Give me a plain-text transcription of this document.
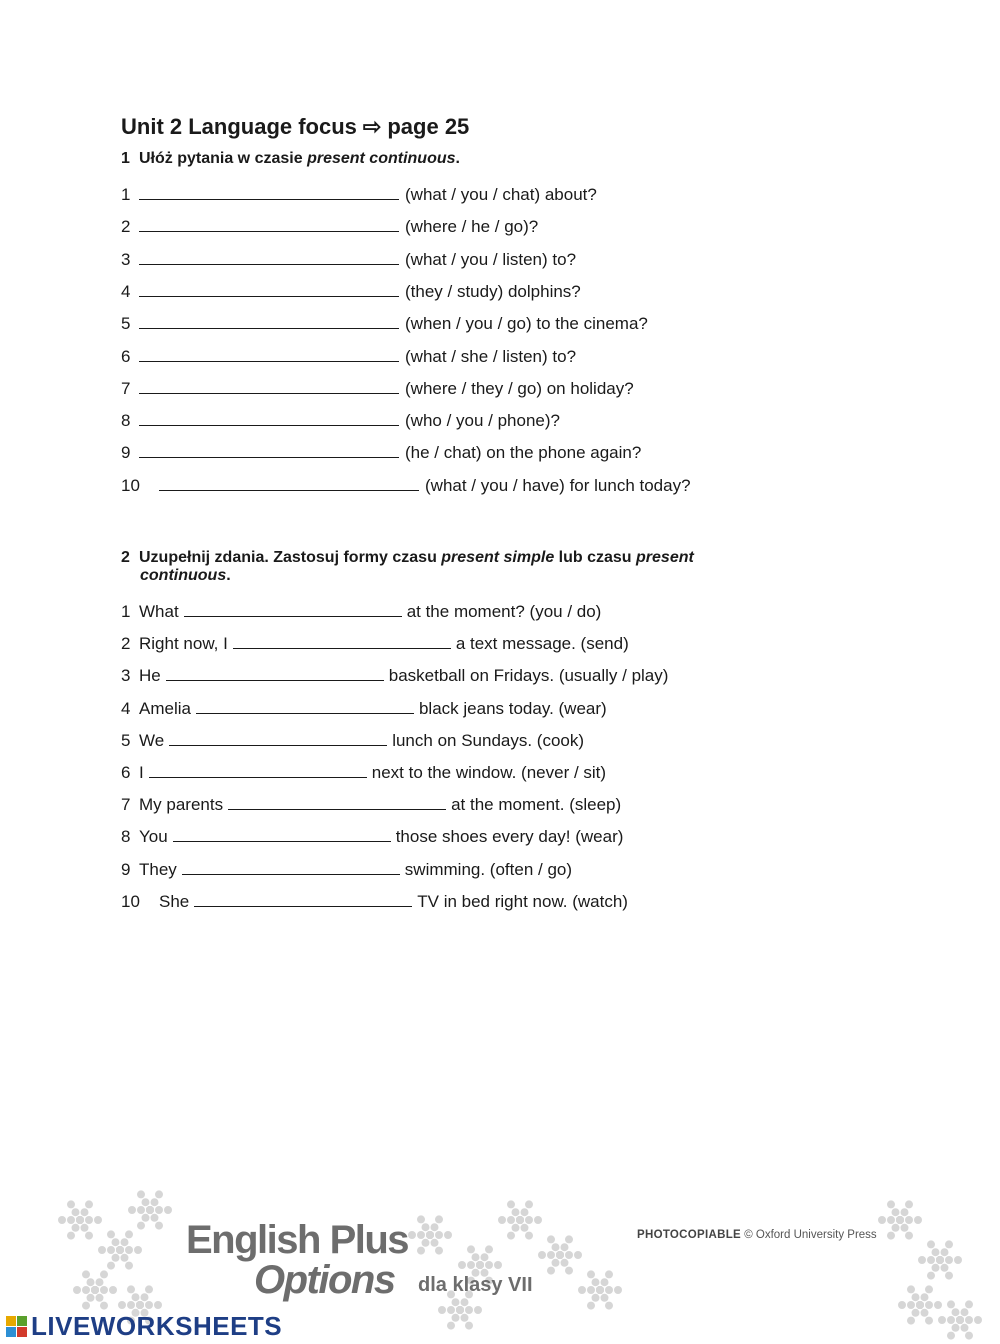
Unit 2 Language focus ⇨ page 25
1 Ułóż pytania w czasie present continuous.
1	(what / you / chat) about?
2	(where / he / go)?
3	(what / you / listen) to?
4	(they / study) dolphins?
5	(when / you / go) to the cinema?
6	(what / she / listen) to?
7	(where / they / go) on holiday?
8	(who / you / phone)?
9	(he / chat) on the phone again?
10	(what / you / have) for lunch today?
2 Uzupełnij zdania. Zastosuj formy czasu present simple lub czasu present
continuous.
1 What	at the moment? (you / do)
2 Right now, I	a text message. (send)
3 He	basketball on Fridays. (usually / play)
4 Amelia	black jeans today. (wear)
5 We	lunch on Sundays. (cook)
6 I	next to the window. (never / sit)
7 My parents	at the moment. (sleep)
8 You	those shoes every day! (wear)
9 They	swimming. (often / go)
10 She	TV in bed right now. (watch)
English Plus
Options dla klasy VII
PHOTOCOPIABLE © Oxford University Press
LIVEWORKSHEETS
